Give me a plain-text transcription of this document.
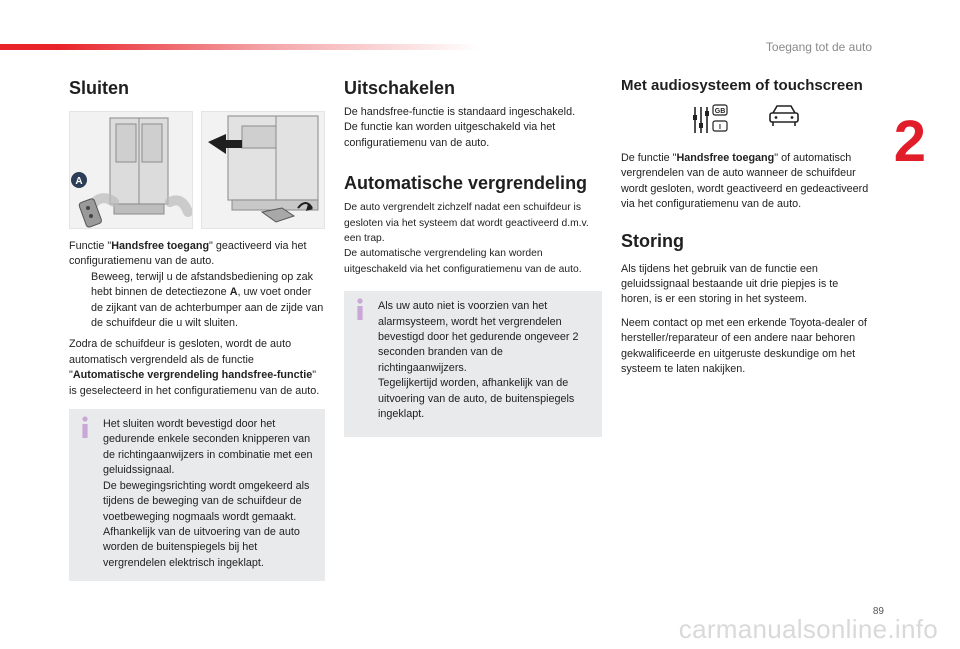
Toegang tot de auto
2
Sluiten
A

Functie "Handsfree toegang" geactiveerd via het configuratiemenu van de auto.

Beweeg, terwijl u de afstandsbediening op zak hebt binnen de detectiezone A, uw voet onder de zijkant van de achterbumper aan de zijde van de schuifdeur die u wilt sluiten.

Zodra de schuifdeur is gesloten, wordt de auto automatisch vergrendeld als de functie "Automatische vergrendeling handsfree-functie" is geselecteerd in het configuratiemenu van de auto.

Het sluiten wordt bevestigd door het gedurende enkele seconden knipperen van de richtingaanwijzers in combinatie met een geluidssignaal.
De bewegingsrichting wordt omgekeerd als tijdens de beweging van de schuifdeur de voetbeweging nogmaals wordt gemaakt.
Afhankelijk van de uitvoering van de auto worden de buitenspiegels bij het vergrendelen elektrisch ingeklapt.

Uitschakelen

De handsfree-functie is standaard ingeschakeld.
De functie kan worden uitgeschakeld via het configuratiemenu van de auto.

Automatische vergrendeling

De auto vergrendelt zichzelf nadat een schuifdeur is gesloten via het systeem dat wordt geactiveerd d.m.v. een trap.
De automatische vergrendeling kan worden uitgeschakeld via het configuratiemenu van de auto.

Als uw auto niet is voorzien van het alarmsysteem, wordt het vergrendelen bevestigd door het gedurende ongeveer 2 seconden branden van de richtingaanwijzers.
Tegelijkertijd worden, afhankelijk van de uitvoering van de auto, de buitenspiegels ingeklapt.

Met audiosysteem of touchscreen
GB
I

De functie "Handsfree toegang" of automatisch vergrendelen van de auto wanneer de schuifdeur wordt gesloten, wordt geactiveerd en gedeactiveerd via het configuratiemenu van de auto.

Storing

Als tijdens het gebruik van de functie een geluidssignaal bestaande uit drie piepjes is te horen, is er een storing in het systeem.

Neem contact op met een erkende Toyota-dealer of hersteller/reparateur of een andere naar behoren gekwalificeerde en uitgeruste deskundige om het systeem te laten nakijken.

89
carmanualsonline.info
